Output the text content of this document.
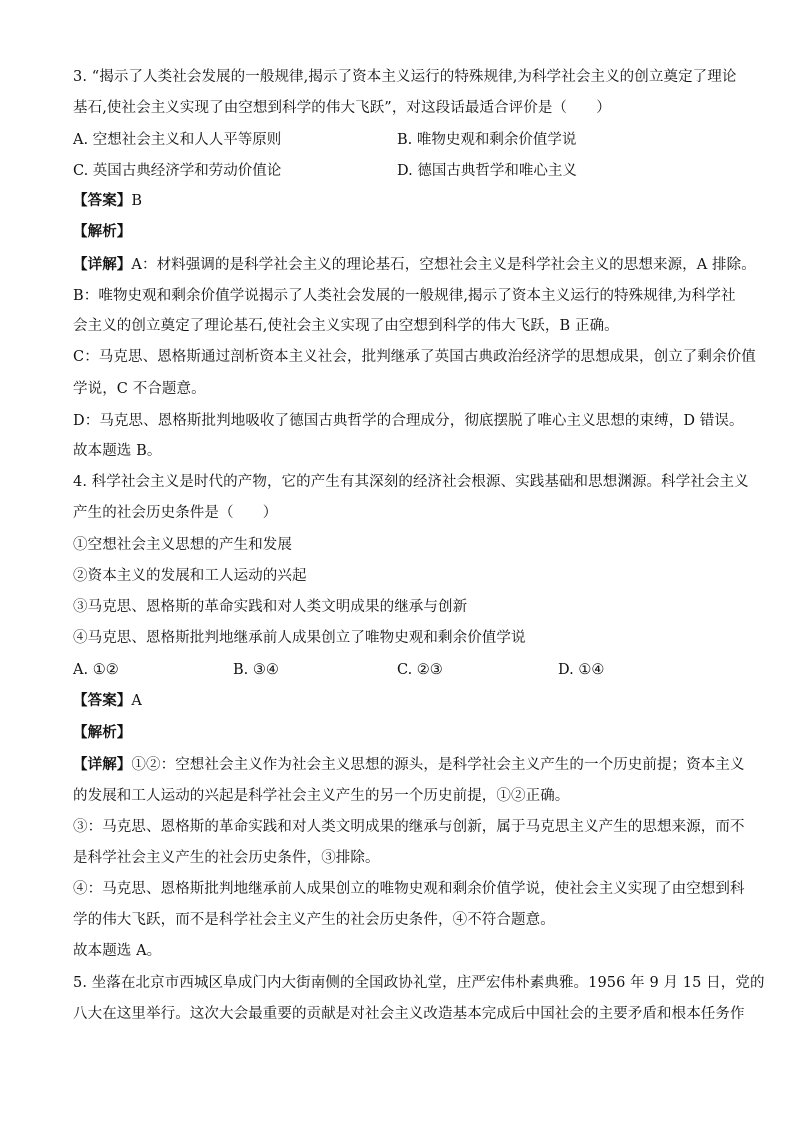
3. “揭示了人类社会发展的一般规律,揭示了资本主义运行的特殊规律,为科学社会主义的创立奠定了理论
基石,使社会主义实现了由空想到科学的伟大飞跃”，对这段话最适合评价是（　　）
A. 空想社会主义和人人平等原则	B. 唯物史观和剩余价值学说
C. 英国古典经济学和劳动价值论	D. 德国古典哲学和唯心主义
【答案】B
【解析】
【详解】A：材料强调的是科学社会主义的理论基石，空想社会主义是科学社会主义的思想来源，A 排除。
B：唯物史观和剩余价值学说揭示了人类社会发展的一般规律,揭示了资本主义运行的特殊规律,为科学社
会主义的创立奠定了理论基石,使社会主义实现了由空想到科学的伟大飞跃，B 正确。
C：马克思、恩格斯通过剖析资本主义社会，批判继承了英国古典政治经济学的思想成果，创立了剩余价值
学说，C 不合题意。
D：马克思、恩格斯批判地吸收了德国古典哲学的合理成分，彻底摆脱了唯心主义思想的束缚，D 错误。
故本题选 B。
4. 科学社会主义是时代的产物，它的产生有其深刻的经济社会根源、实践基础和思想渊源。科学社会主义
产生的社会历史条件是（　　）
①空想社会主义思想的产生和发展
②资本主义的发展和工人运动的兴起
③马克思、恩格斯的革命实践和对人类文明成果的继承与创新
④马克思、恩格斯批判地继承前人成果创立了唯物史观和剩余价值学说
A. ①②	B. ③④	C. ②③	D. ①④
【答案】A
【解析】
【详解】①②：空想社会主义作为社会主义思想的源头，是科学社会主义产生的一个历史前提；资本主义
的发展和工人运动的兴起是科学社会主义产生的另一个历史前提，①②正确。
③：马克思、恩格斯的革命实践和对人类文明成果的继承与创新，属于马克思主义产生的思想来源，而不
是科学社会主义产生的社会历史条件，③排除。
④：马克思、恩格斯批判地继承前人成果创立的唯物史观和剩余价值学说，使社会主义实现了由空想到科
学的伟大飞跃，而不是科学社会主义产生的社会历史条件，④不符合题意。
故本题选 A。
5. 坐落在北京市西城区阜成门内大街南侧的全国政协礼堂，庄严宏伟朴素典雅。1956 年 9 月 15 日，党的
八大在这里举行。这次大会最重要的贡献是对社会主义改造基本完成后中国社会的主要矛盾和根本任务作
